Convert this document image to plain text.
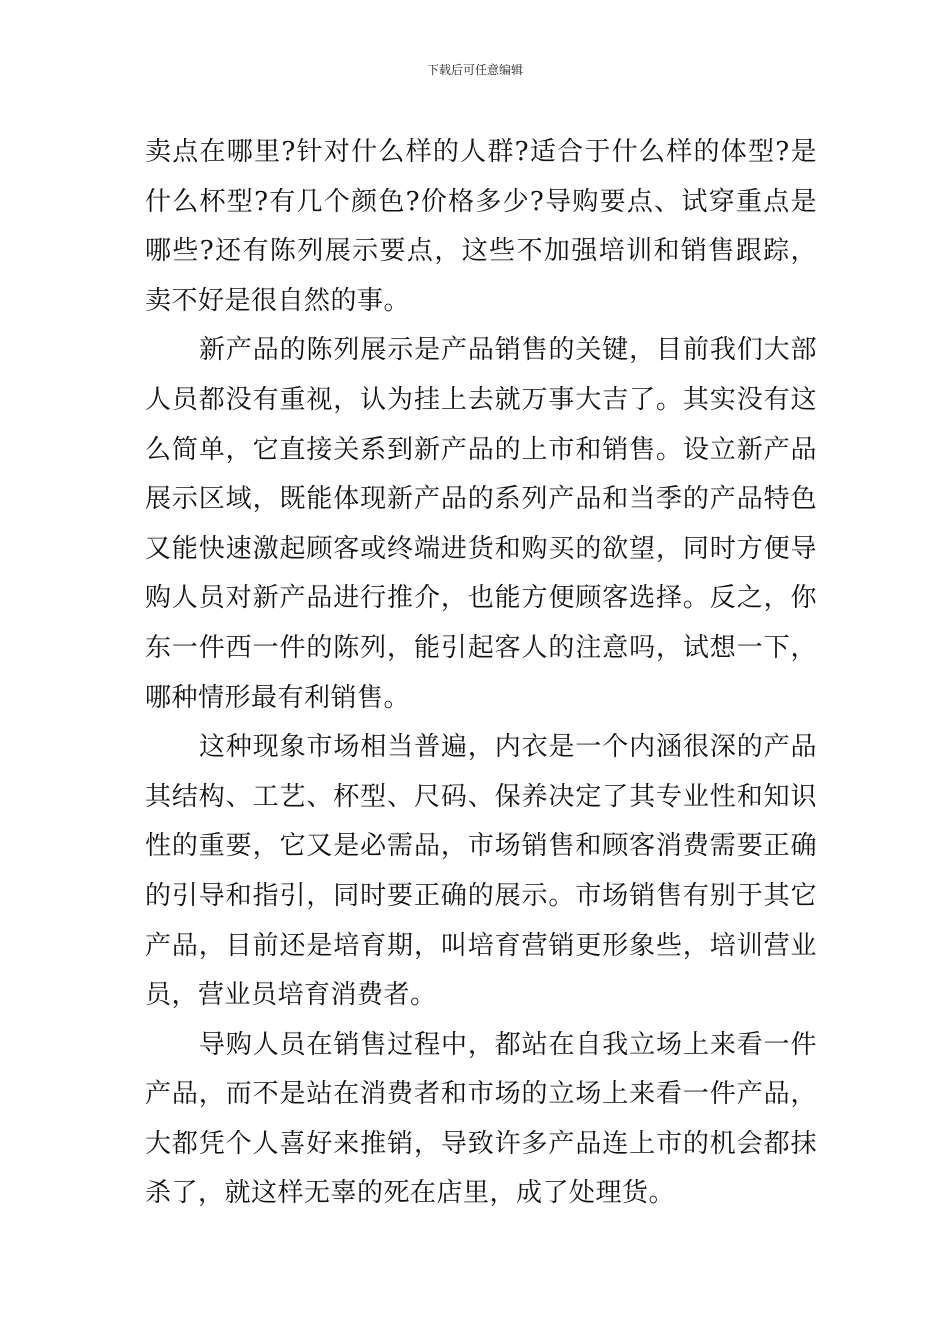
下载后可任意编辑

卖点在哪里?针对什么样的人群?适合于什么样的体型?是什么杯型?有几个颜色?价格多少?导购要点、试穿重点是哪些?还有陈列展示要点，这些不加强培训和销售跟踪，卖不好是很自然的事。

新产品的陈列展示是产品销售的关键，目前我们大部人员都没有重视，认为挂上去就万事大吉了。其实没有这么简单，它直接关系到新产品的上市和销售。设立新产品展示区域，既能体现新产品的系列产品和当季的产品特色又能快速激起顾客或终端进货和购买的欲望，同时方便导购人员对新产品进行推介，也能方便顾客选择。反之，你东一件西一件的陈列，能引起客人的注意吗，试想一下，哪种情形最有利销售。

这种现象市场相当普遍，内衣是一个内涵很深的产品其结构、工艺、杯型、尺码、保养决定了其专业性和知识性的重要，它又是必需品，市场销售和顾客消费需要正确的引导和指引，同时要正确的展示。市场销售有别于其它产品，目前还是培育期，叫培育营销更形象些，培训营业员，营业员培育消费者。

导购人员在销售过程中，都站在自我立场上来看一件产品，而不是站在消费者和市场的立场上来看一件产品，大都凭个人喜好来推销，导致许多产品连上市的机会都抹杀了，就这样无辜的死在店里，成了处理货。
